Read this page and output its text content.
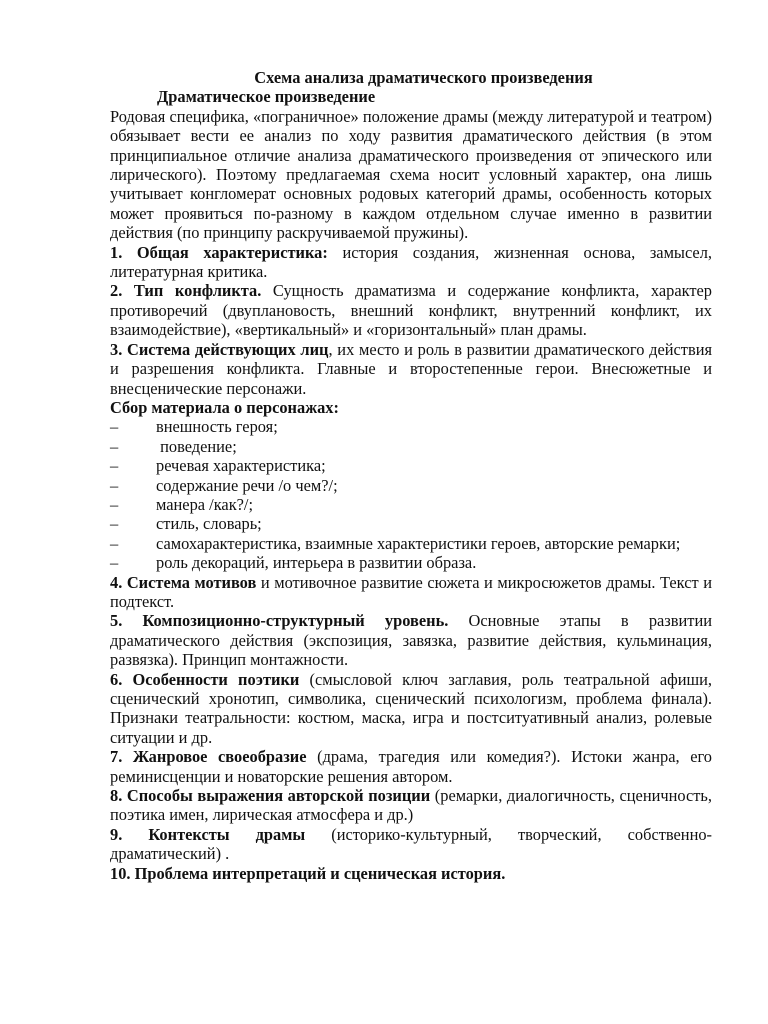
Схема анализа драматического произведения
Драматическое произведение

Родовая специфика, «пограничное» положение драмы (между литературой и театром) обязывает вести ее анализ по ходу развития драматического действия (в этом принципиальное отличие анализа драматического произведения от эпического или лирического). Поэтому предлагаемая схема носит условный характер, она лишь учитывает конгломерат основных родовых категорий драмы, особенность которых может проявиться по-разному в каждом отдельном случае именно в развитии действия (по принципу раскручиваемой пружины).

1. Общая характеристика: история создания, жизненная основа, замысел, литературная критика.

2. Тип конфликта. Сущность драматизма и содержание конфликта, характер противоречий (двуплановость, внешний конфликт, внутренний конфликт, их взаимодействие), «вертикальный» и «горизонтальный» план драмы.

3. Система действующих лиц, их место и роль в развитии драматического действия и разрешения конфликта. Главные и второстепенные герои. Внесюжетные и внесценические персонажи.

Сбор материала о персонажах:
–	внешность героя;
–	поведение;
–	речевая характеристика;
–	содержание речи /о чем?/;
–	манера /как?/;
–	стиль, словарь;

– самохарактеристика, взаимные характеристики героев, авторские ремарки;

–	роль декораций, интерьера в развитии образа.

4. Система мотивов и мотивочное развитие сюжета и микросюжетов драмы. Текст и подтекст.

5. Композиционно-структурный уровень. Основные этапы в развитии драматического действия (экспозиция, завязка, развитие действия, кульминация, развязка). Принцип монтажности.

6. Особенности поэтики (смысловой ключ заглавия, роль театральной афиши, сценический хронотип, символика, сценический психологизм, проблема финала). Признаки театральности: костюм, маска, игра и постситуативный анализ, ролевые ситуации и др.

7. Жанровое своеобразие (драма, трагедия или комедия?). Истоки жанра, его реминисценции и новаторские решения автором.

8. Способы выражения авторской позиции (ремарки, диалогичность, сценичность, поэтика имен, лирическая атмосфера и др.)

9. Контексты драмы (историко-культурный, творческий, собственно-драматический) .

10. Проблема интерпретаций и сценическая история.
